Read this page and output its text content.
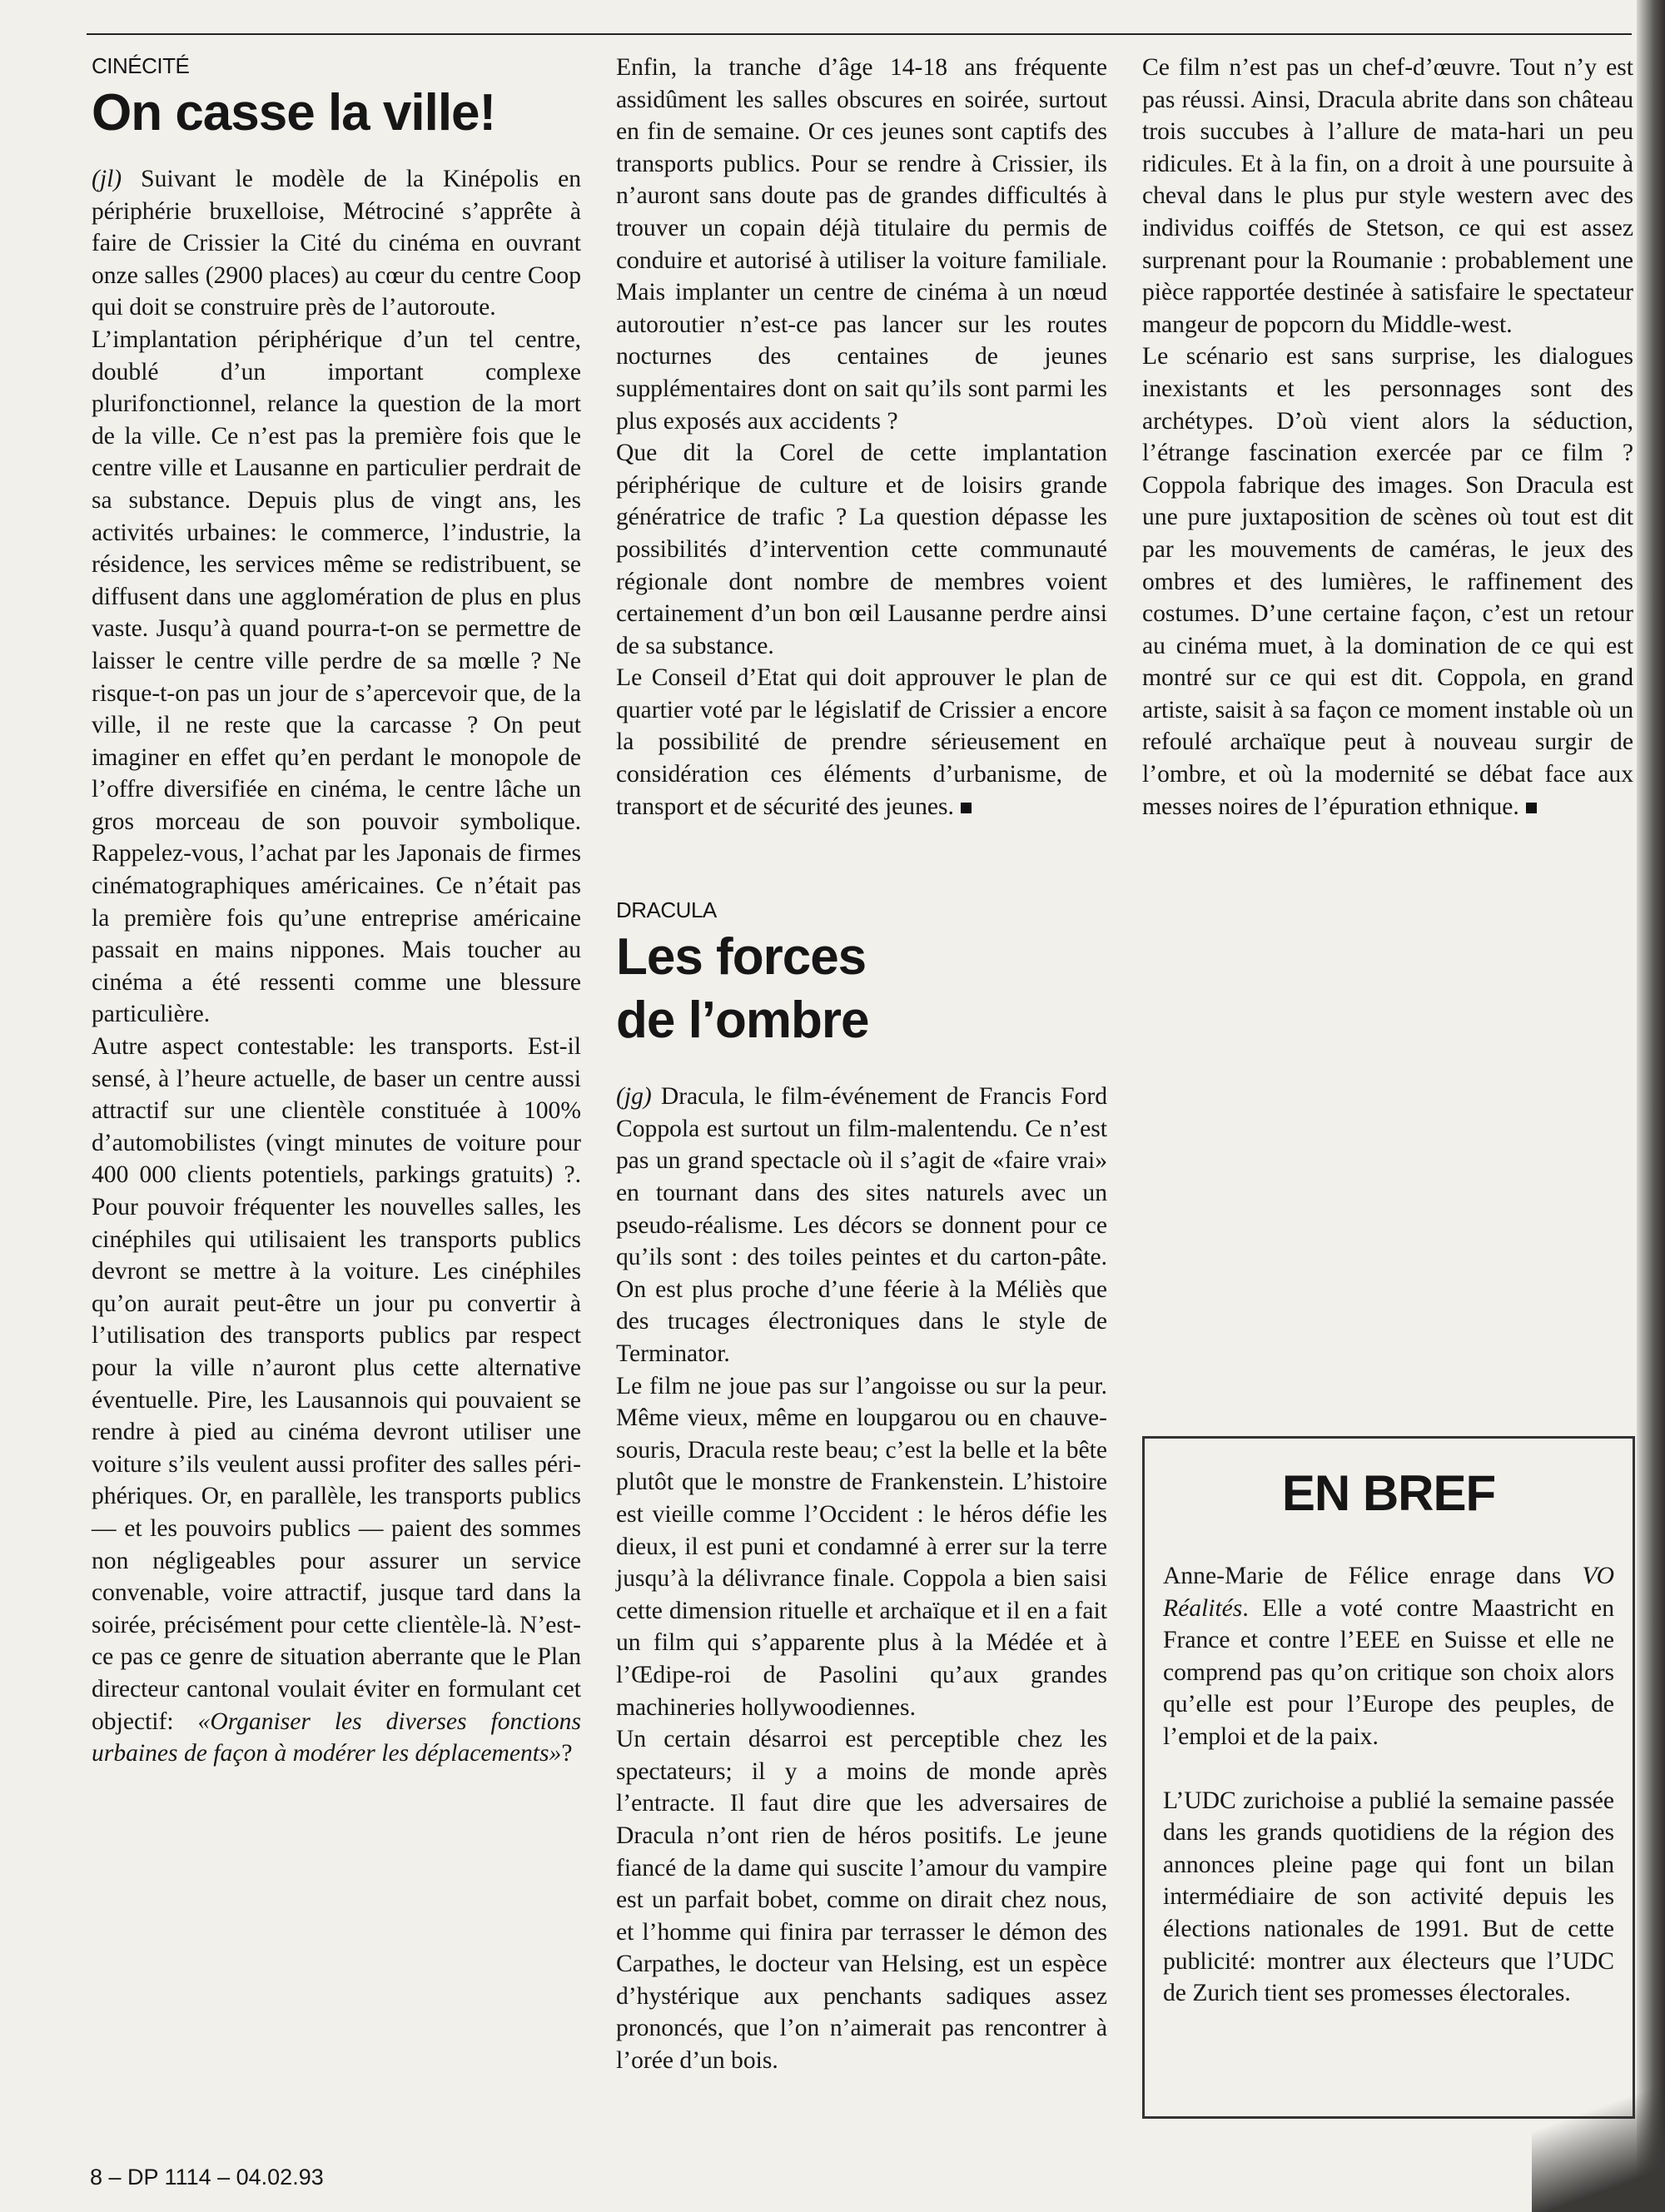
CINÉCITÉ
On casse la ville!

(jl) Suivant le modèle de la Kinépolis en périphérie bruxelloise, Métrociné s’apprête à faire de Crissier la Cité du cinéma en ouvrant onze salles (2900 places) au cœur du centre Coop qui doit se construire près de l’autoroute.

L’implantation périphérique d’un tel centre, doublé d’un important complexe plurifonctionnel, relance la question de la mort de la ville. Ce n’est pas la première fois que le centre ville et Lausanne en particulier perdrait de sa substance. Depuis plus de vingt ans, les activités urbaines: le commerce, l’industrie, la résidence, les services même se redistribuent, se diffusent dans une agglomération de plus en plus vaste. Jusqu’à quand pourra-t-on se permettre de laisser le centre ville perdre de sa mœlle ? Ne risque-t-on pas un jour de s’apercevoir que, de la ville, il ne reste que la carcasse ? On peut imaginer en effet qu’en perdant le monopole de l’offre diversifiée en cinéma, le centre lâche un gros morceau de son pouvoir symbolique. Rappelez-vous, l’achat par les Japonais de firmes cinématographiques américaines. Ce n’était pas la première fois qu’une entreprise américaine passait en mains nippones. Mais toucher au cinéma a été ressenti comme une blessure particulière.

Autre aspect contestable: les transports. Est-il sensé, à l’heure actuelle, de baser un centre aussi attractif sur une clientèle constituée à 100% d’automobilistes (vingt minutes de voiture pour 400 000 clients potentiels, parkings gratuits) ?. Pour pouvoir fréquenter les nouvelles salles, les cinéphiles qui utilisaient les transports publics devront se mettre à la voiture. Les cinéphiles qu’on aurait peut-être un jour pu convertir à l’utilisation des transports publics par respect pour la ville n’auront plus cette alternative éventuelle. Pire, les Lausannois qui pouvaient se rendre à pied au cinéma devront utiliser une voiture s’ils veulent aussi profiter des salles périphériques. Or, en parallèle, les transports publics — et les pouvoirs publics — paient des sommes non négligeables pour assurer un service convenable, voire attractif, jusque tard dans la soirée, précisément pour cette clientèle-là. N’est-ce pas ce genre de situation aberrante que le Plan directeur cantonal voulait éviter en formulant cet objectif: «Organiser les diverses fonctions urbaines de façon à modérer les déplacements»?

Enfin, la tranche d’âge 14-18 ans fréquente assidûment les salles obscures en soirée, surtout en fin de semaine. Or ces jeunes sont captifs des transports publics. Pour se rendre à Crissier, ils n’auront sans doute pas de grandes difficultés à trouver un copain déjà titulaire du permis de conduire et autorisé à utiliser la voiture familiale. Mais implanter un centre de cinéma à un nœud autoroutier n’est-ce pas lancer sur les routes nocturnes des centaines de jeunes supplémentaires dont on sait qu’ils sont parmi les plus exposés aux accidents ?

Que dit la Corel de cette implantation périphérique de culture et de loisirs grande génératrice de trafic ? La question dépasse les possibilités d’intervention cette communauté régionale dont nombre de membres voient certainement d’un bon œil Lausanne perdre ainsi de sa substance.

Le Conseil d’Etat qui doit approuver le plan de quartier voté par le législatif de Crissier a encore la possibilité de prendre sérieusement en considération ces éléments d’urbanisme, de transport et de sécurité des jeunes.

DRACULA
Les forces
de l’ombre

(jg) Dracula, le film-événement de Francis Ford Coppola est surtout un film-malentendu. Ce n’est pas un grand spectacle où il s’agit de «faire vrai» en tournant dans des sites naturels avec un pseudo-réalisme. Les décors se donnent pour ce qu’ils sont : des toiles peintes et du carton-pâte. On est plus proche d’une féerie à la Méliès que des trucages électroniques dans le style de Terminator.

Le film ne joue pas sur l’angoisse ou sur la peur. Même vieux, même en loupgarou ou en chauve-souris, Dracula reste beau; c’est la belle et la bête plutôt que le monstre de Frankenstein. L’histoire est vieille comme l’Occident : le héros défie les dieux, il est puni et condamné à errer sur la terre jusqu’à la délivrance finale. Coppola a bien saisi cette dimension rituelle et archaïque et il en a fait un film qui s’apparente plus à la Médée et à l’Œdipe-roi de Pasolini qu’aux grandes machineries hollywoodiennes.

Un certain désarroi est perceptible chez les spectateurs; il y a moins de monde après l’entracte. Il faut dire que les adversaires de Dracula n’ont rien de héros positifs. Le jeune fiancé de la dame qui suscite l’amour du vampire est un parfait bobet, comme on dirait chez nous, et l’homme qui finira par terrasser le démon des Carpathes, le docteur van Helsing, est un espèce d’hystérique aux penchants sadiques assez prononcés, que l’on n’aimerait pas rencontrer à l’orée d’un bois.

Ce film n’est pas un chef-d’œuvre. Tout n’y est pas réussi. Ainsi, Dracula abrite dans son château trois succubes à l’allure de mata-hari un peu ridicules. Et à la fin, on a droit à une poursuite à cheval dans le plus pur style western avec des individus coiffés de Stetson, ce qui est assez surprenant pour la Roumanie : probablement une pièce rapportée destinée à satisfaire le spectateur mangeur de popcorn du Middle-west.

Le scénario est sans surprise, les dialogues inexistants et les personnages sont des archétypes. D’où vient alors la séduction, l’étrange fascination exercée par ce film ? Coppola fabrique des images. Son Dracula est une pure juxtaposition de scènes où tout est dit par les mouvements de caméras, le jeux des ombres et des lumières, le raffinement des costumes. D’une certaine façon, c’est un retour au cinéma muet, à la domination de ce qui est montré sur ce qui est dit. Coppola, en grand artiste, saisit à sa façon ce moment instable où un refoulé archaïque peut à nouveau surgir de l’ombre, et où la modernité se débat face aux messes noires de l’épuration ethnique.

EN BREF

Anne-Marie de Félice enrage dans VO Réalités. Elle a voté contre Maastricht en France et contre l’EEE en Suisse et elle ne comprend pas qu’on critique son choix alors qu’elle est pour l’Europe des peuples, de l’emploi et de la paix.

L’UDC zurichoise a publié la semaine passée dans les grands quotidiens de la région des annonces pleine page qui font un bilan intermédiaire de son activité depuis les élections nationales de 1991. But de cette publicité: montrer aux électeurs que l’UDC de Zurich tient ses promesses électorales.

8 – DP 1114 – 04.02.93
